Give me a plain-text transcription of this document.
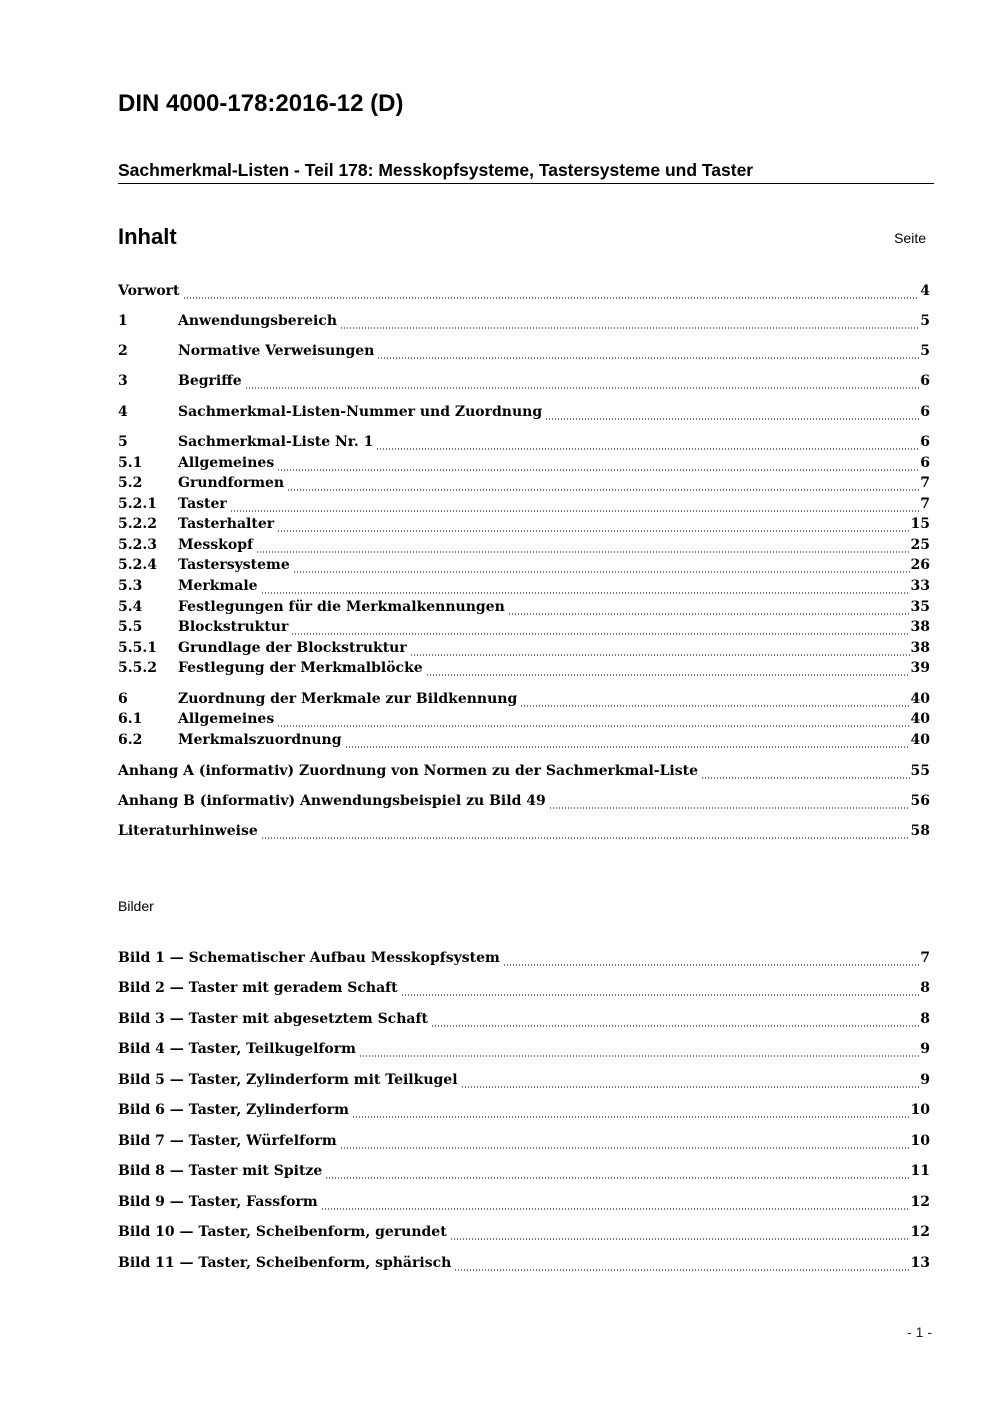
DIN 4000-178:2016-12 (D)
Sachmerkmal-Listen - Teil 178: Messkopfsysteme, Tastersysteme und Taster
Inhalt	Seite
Vorwort	4
1	Anwendungsbereich	5
2	Normative Verweisungen	5
3	Begriffe	6
4	Sachmerkmal-Listen-Nummer und Zuordnung	6
5	Sachmerkmal-Liste Nr. 1	6
5.1	Allgemeines	6
5.2	Grundformen	7
5.2.1	Taster	7
5.2.2	Tasterhalter	15
5.2.3	Messkopf	25
5.2.4	Tastersysteme	26
5.3	Merkmale	33
5.4	Festlegungen für die Merkmalkennungen	35
5.5	Blockstruktur	38
5.5.1	Grundlage der Blockstruktur	38
5.5.2	Festlegung der Merkmalblöcke	39
6	Zuordnung der Merkmale zur Bildkennung	40
6.1	Allgemeines	40
6.2	Merkmalszuordnung	40
Anhang A (informativ) Zuordnung von Normen zu der Sachmerkmal-Liste	55
Anhang B (informativ) Anwendungsbeispiel zu Bild 49	56
Literaturhinweise	58
Bilder
Bild 1 — Schematischer Aufbau Messkopfsystem	7
Bild 2 — Taster mit geradem Schaft	8
Bild 3 — Taster mit abgesetztem Schaft	8
Bild 4 — Taster, Teilkugelform	9
Bild 5 — Taster, Zylinderform mit Teilkugel	9
Bild 6 — Taster, Zylinderform	10
Bild 7 — Taster, Würfelform	10
Bild 8 — Taster mit Spitze	11
Bild 9 — Taster, Fassform	12
Bild 10 — Taster, Scheibenform, gerundet	12
Bild 11 — Taster, Scheibenform, sphärisch	13
- 1 -
